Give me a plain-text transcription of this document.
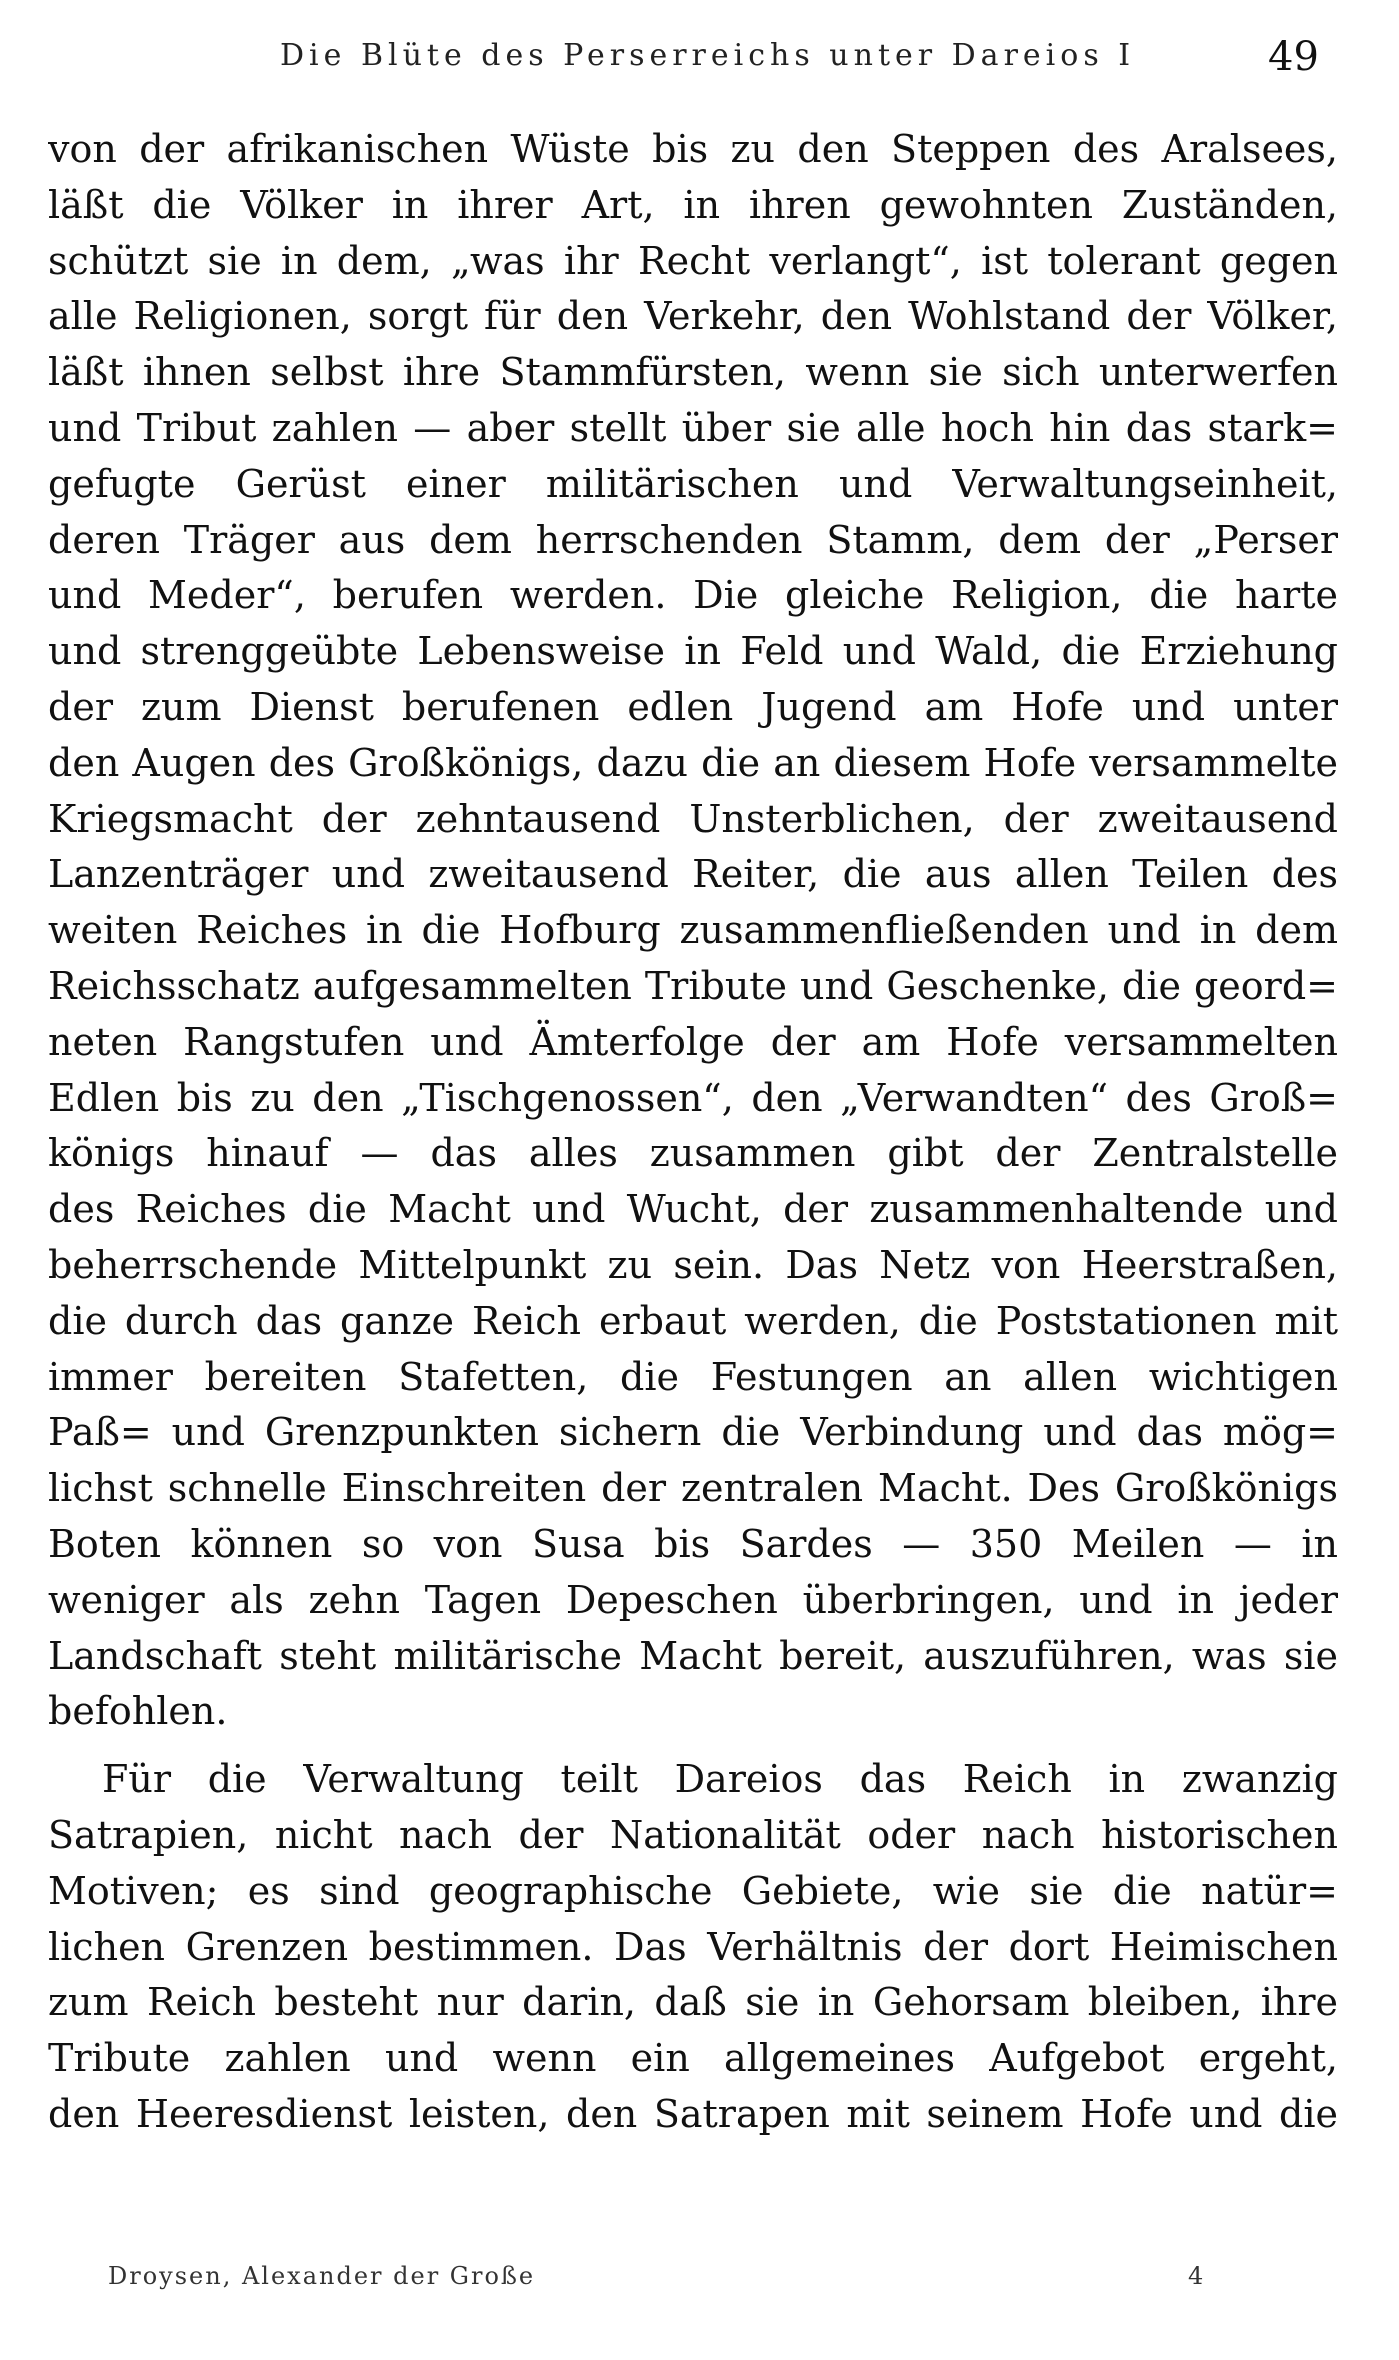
Die Blüte des Perserreichs unter Dareios I	49
von der afrikanischen Wüste bis zu den Steppen des Aralsees,
läßt die Völker in ihrer Art, in ihren gewohnten Zuständen,
schützt sie in dem, „was ihr Recht verlangt“, ist tolerant gegen
alle Religionen, sorgt für den Verkehr, den Wohlstand der Völker,
läßt ihnen selbst ihre Stammfürsten, wenn sie sich unterwerfen
und Tribut zahlen — aber stellt über sie alle hoch hin das stark=
gefugte Gerüst einer militärischen und Verwaltungseinheit,
deren Träger aus dem herrschenden Stamm, dem der „Perser
und Meder“, berufen werden. Die gleiche Religion, die harte
und strenggeübte Lebensweise in Feld und Wald, die Erziehung
der zum Dienst berufenen edlen Jugend am Hofe und unter
den Augen des Großkönigs, dazu die an diesem Hofe versammelte
Kriegsmacht der zehntausend Unsterblichen, der zweitausend
Lanzenträger und zweitausend Reiter, die aus allen Teilen des
weiten Reiches in die Hofburg zusammenfließenden und in dem
Reichsschatz aufgesammelten Tribute und Geschenke, die geord=
neten Rangstufen und Ämterfolge der am Hofe versammelten
Edlen bis zu den „Tischgenossen“, den „Verwandten“ des Groß=
königs hinauf — das alles zusammen gibt der Zentralstelle
des Reiches die Macht und Wucht, der zusammenhaltende und
beherrschende Mittelpunkt zu sein. Das Netz von Heerstraßen,
die durch das ganze Reich erbaut werden, die Poststationen mit
immer bereiten Stafetten, die Festungen an allen wichtigen
Paß= und Grenzpunkten sichern die Verbindung und das mög=
lichst schnelle Einschreiten der zentralen Macht. Des Großkönigs
Boten können so von Susa bis Sardes — 350 Meilen — in
weniger als zehn Tagen Depeschen überbringen, und in jeder
Landschaft steht militärische Macht bereit, auszuführen, was sie
befohlen.
Für die Verwaltung teilt Dareios das Reich in zwanzig
Satrapien, nicht nach der Nationalität oder nach historischen
Motiven; es sind geographische Gebiete, wie sie die natür=
lichen Grenzen bestimmen. Das Verhältnis der dort Heimischen
zum Reich besteht nur darin, daß sie in Gehorsam bleiben, ihre
Tribute zahlen und wenn ein allgemeines Aufgebot ergeht,
den Heeresdienst leisten, den Satrapen mit seinem Hofe und die
Droysen, Alexander der Große	4
